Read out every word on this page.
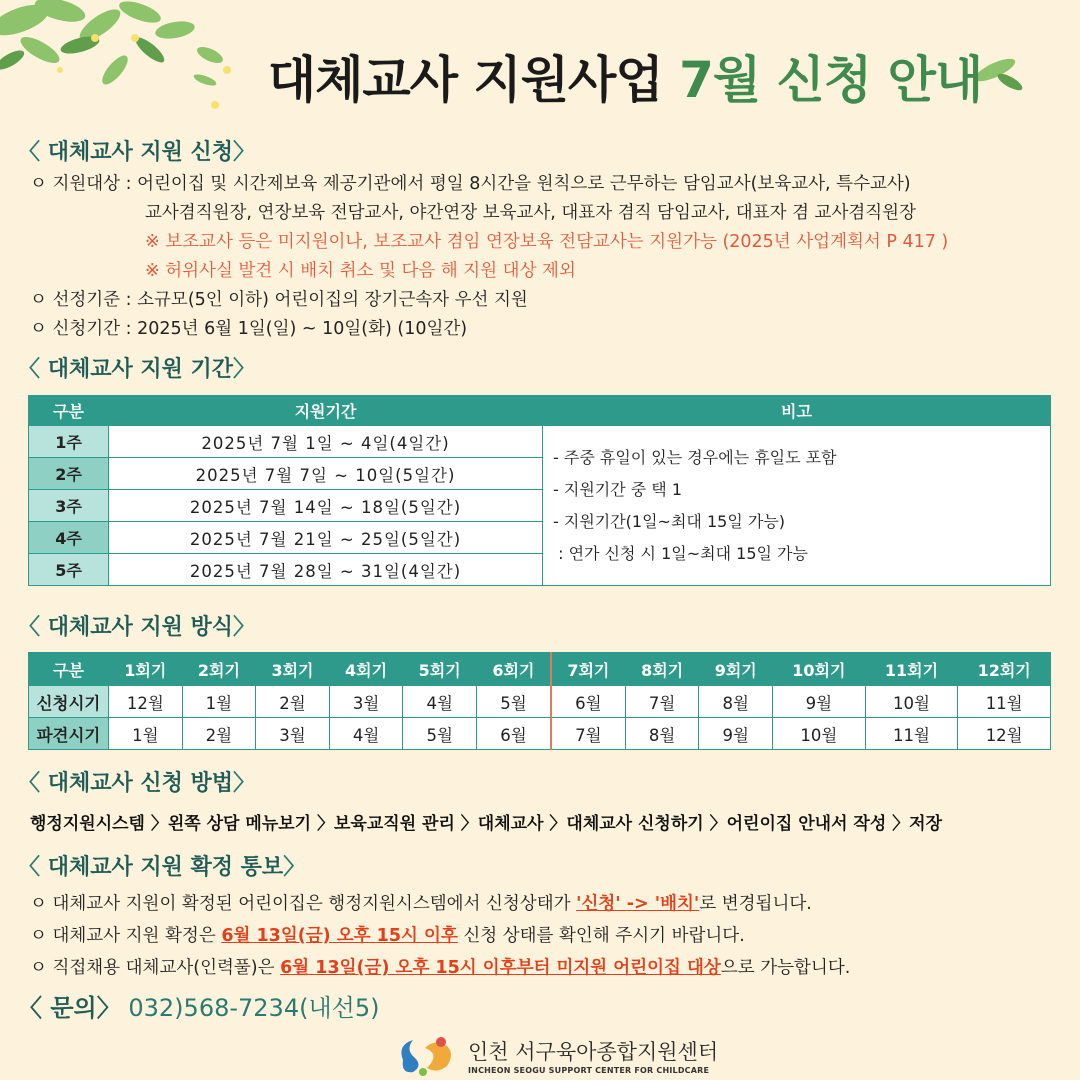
대체교사 지원사업 7월 신청 안내
〈 대체교사 지원 신청〉
ㅇ 지원대상 : 어린이집 및 시간제보육 제공기관에서 평일 8시간을 원칙으로 근무하는 담임교사(보육교사, 특수교사)
교사겸직원장, 연장보육 전담교사, 야간연장 보육교사, 대표자 겸직 담임교사, 대표자 겸 교사겸직원장
※ 보조교사 등은 미지원이나, 보조교사 겸임 연장보육 전담교사는 지원가능 (2025년 사업계획서 P 417 )
※ 허위사실 발견 시 배치 취소 및 다음 해 지원 대상 제외
ㅇ 선정기준 : 소규모(5인 이하) 어린이집의 장기근속자 우선 지원
ㅇ 신청기간 : 2025년 6월 1일(일) ~ 10일(화) (10일간)
〈 대체교사 지원 기간〉
구분	지원기간	비고
1주	2025년 7월 1일 ~ 4일(4일간)	- 주중 휴일이 있는 경우에는 휴일도 포함
- 지원기간 중 택 1
- 지원기간(1일~최대 15일 가능)
: 연가 신청 시 1일~최대 15일 가능

2주	2025년 7월 7일 ~ 10일(5일간)	
3주	2025년 7월 14일 ~ 18일(5일간)	
4주	2025년 7월 21일 ~ 25일(5일간)	
5주	2025년 7월 28일 ~ 31일(4일간)	
〈 대체교사 지원 방식〉
구분	1회기	2회기	3회기	4회기	5회기	6회기	7회기	8회기	9회기	10회기	11회기	12회기
신청시기	12월	1월	2월	3월	4월	5월	6월	7월	8월	9월	10월	11월
파견시기	1월	2월	3월	4월	5월	6월	7월	8월	9월	10월	11월	12월
〈 대체교사 신청 방법〉
행정지원시스템 〉왼쪽 상담 메뉴보기 〉보육교직원 관리 〉대체교사 〉대체교사 신청하기 〉어린이집 안내서 작성 〉저장
〈 대체교사 지원 확정 통보〉
ㅇ 대체교사 지원이 확정된 어린이집은 행정지원시스템에서 신청상태가 '신청' -> '배치'로 변경됩니다.
ㅇ 대체교사 지원 확정은 6월 13일(금) 오후 15시 이후 신청 상태를 확인해 주시기 바랍니다.
ㅇ 직접채용 대체교사(인력풀)은 6월 13일(금) 오후 15시 이후부터 미지원 어린이집 대상으로 가능합니다.
〈 문의〉 032)568-7234(내선5)
인천 서구육아종합지원센터
INCHEON SEOGU SUPPORT CENTER FOR CHILDCARE
